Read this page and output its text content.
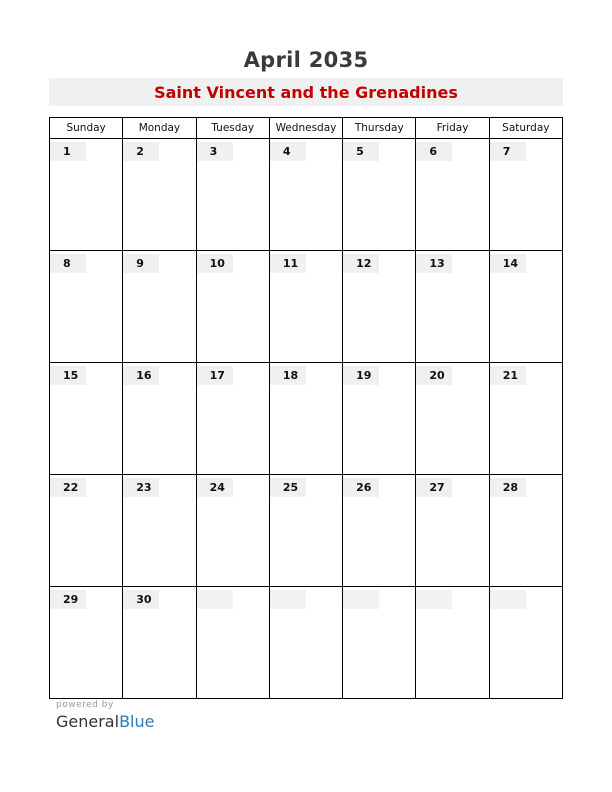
April 2035
Saint Vincent and the Grenadines
Sunday	Monday	Tuesday	Wednesday	Thursday	Friday	Saturday

1	2	3	4	5	6	7

8	9	10	11	12	13	14

15	16	17	18	19	20	21

22	23	24	25	26	27	28

29	30					

powered by
GeneralBlue
